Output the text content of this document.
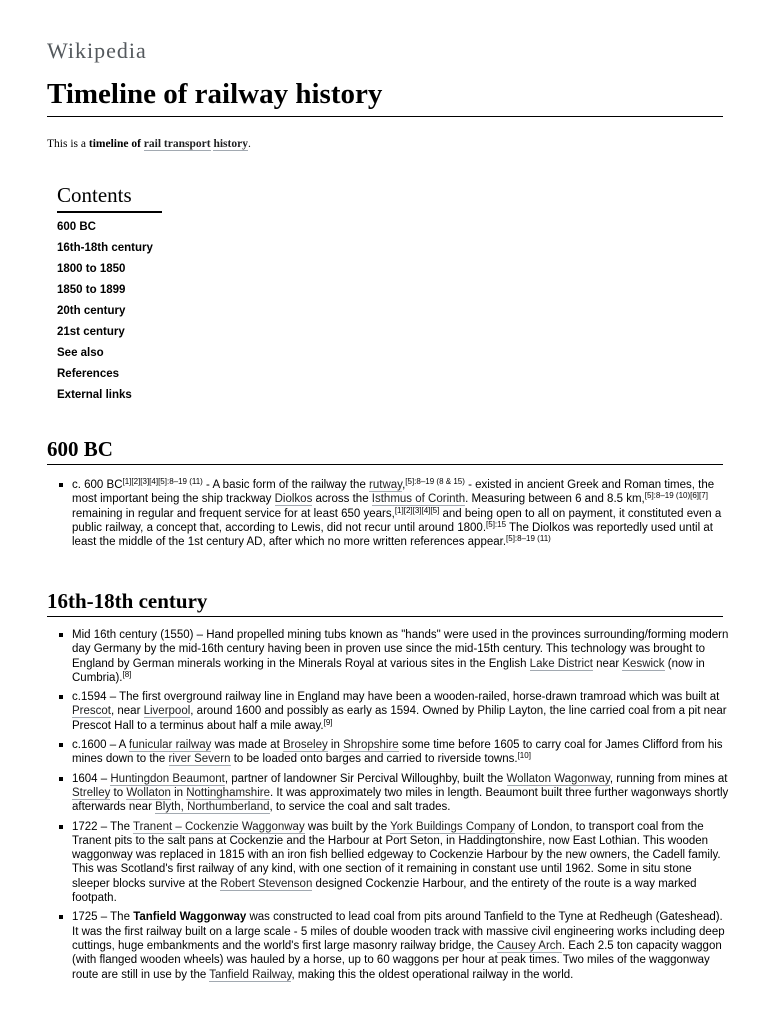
Wikipedia
Timeline of railway history

This is a timeline of rail transport history.

Contents
600 BC
16th-18th century
1800 to 1850
1850 to 1899
20th century
21st century
See also
References
External links
600 BC
c. 600 $BC^{[1][2][3][4][5]:8-19 (11)}$ - A basic form of the railway the rutway,$^{[5]:8-19 (8 \& 15)}$ - existed in ancient Greek and Roman times, the most important being the ship trackway Diolkos across the Isthmus of Corinth. Measuring between 6 and 8.5 km,[5]:8–19 (10)[6][7] remaining in regular and frequent service for at least 650 years,[1][2][3][4][5] and being open to all on payment, it constituted even a public railway, a concept that, according to Lewis, did not recur until around 1800.$^{[5]:15}$ The Diolkos was reportedly used until at least the middle of the 1st century AD, after which no more written references appear.$^{[5]:8-19 (11)}$
16th-18th century
Mid 16th century (1550) – Hand propelled mining tubs known as "hands" were used in the provinces surrounding/forming modern day Germany by the mid-16th century having been in proven use since the mid-15th century. This technology was brought to England by German minerals working in the Minerals Royal at various sites in the English Lake District near Keswick (now in Cumbria).[8]
c.1594 – The first overground railway line in England may have been a wooden-railed, horse-drawn tramroad which was built at Prescot, near Liverpool, around 1600 and possibly as early as 1594. Owned by Philip Layton, the line carried coal from a pit near Prescot Hall to a terminus about half a mile away.[9]
c.1600 – A funicular railway was made at Broseley in Shropshire some time before 1605 to carry coal for James Clifford from his mines down to the river Severn to be loaded onto barges and carried to riverside towns.[10]
1604 – Huntingdon Beaumont, partner of landowner Sir Percival Willoughby, built the Wollaton Wagonway, running from mines at Strelley to Wollaton in Nottinghamshire. It was approximately two miles in length. Beaumont built three further wagonways shortly afterwards near Blyth, Northumberland, to service the coal and salt trades.
1722 – The Tranent – Cockenzie Waggonway was built by the York Buildings Company of London, to transport coal from the Tranent pits to the salt pans at Cockenzie and the Harbour at Port Seton, in Haddingtonshire, now East Lothian. This wooden waggonway was replaced in 1815 with an iron fish bellied edgeway to Cockenzie Harbour by the new owners, the Cadell family. This was Scotland's first railway of any kind, with one section of it remaining in constant use until 1962. Some in situ stone sleeper blocks survive at the Robert Stevenson designed Cockenzie Harbour, and the entirety of the route is a way marked footpath.
1725 – The Tanfield Waggonway was constructed to lead coal from pits around Tanfield to the Tyne at Redheugh (Gateshead). It was the first railway built on a large scale - 5 miles of double wooden track with massive civil engineering works including deep cuttings, huge embankments and the world's first large masonry railway bridge, the Causey Arch. Each 2.5 ton capacity waggon (with flanged wooden wheels) was hauled by a horse, up to 60 waggons per hour at peak times. Two miles of the waggonway route are still in use by the Tanfield Railway, making this the oldest operational railway in the world.
